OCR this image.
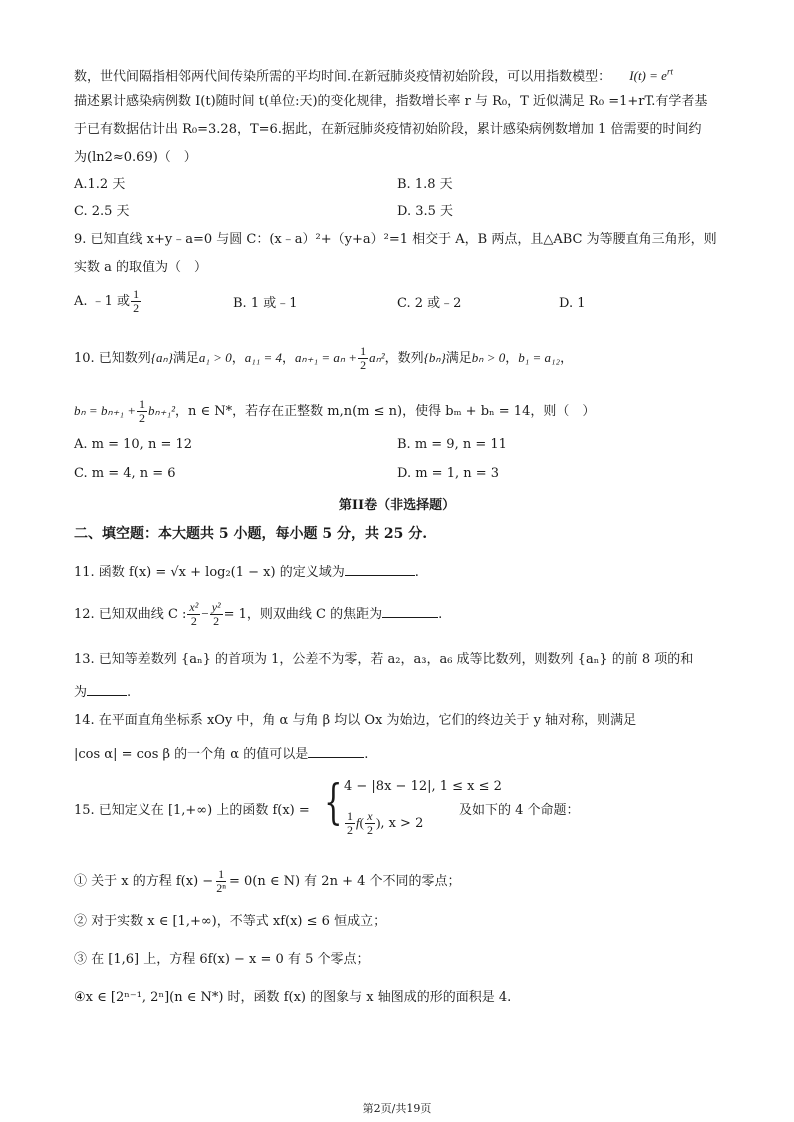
数，世代间隔指相邻两代间传染所需的平均时间.在新冠肺炎疫情初始阶段，可以用指数模型： $I(t) = e^{rt}$
描述累计感染病例数 I(t)随时间 t(单位:天)的变化规律，指数增长率 r 与 R₀，T 近似满足 R₀ =1+rT.有学者基
于已有数据估计出 R₀=3.28，T=6.据此，在新冠肺炎疫情初始阶段，累计感染病例数增加 1 倍需要的时间约
为(ln2≈0.69)（　）
A.1.2 天	B. 1.8 天
C. 2.5 天	D. 3.5 天
9. 已知直线 x+y﹣a=0 与圆 C：(x﹣a）²+（y+a）²=1 相交于 A，B 两点，且△ABC 为等腰直角三角形，则
实数 a 的取值为（　）
A. ﹣1 或 $\frac{1}{2}$	B. 1 或﹣1	C. 2 或﹣2	D. 1
10. 已知数列{aₙ}满足a₁ > 0，a₁₁ = 4，$a_{n+1} = a_n + \frac{1}{2} a_n^2$，数列{bₙ}满足bₙ > 0，b₁ = a₁₂，
$b_n = b_{n+1} + \frac{1}{2} b_{n+1}^2$，n ∈ N*，若存在正整数 m,n(m ≤ n)，使得 bₘ + bₙ = 14，则（　）
A. m = 10, n = 12	B. m = 9, n = 11
C. m = 4, n = 6	D. m = 1, n = 3
第II卷（非选择题）
二、填空题：本大题共 5 小题，每小题 5 分，共 25 分.
11. 函数 f(x) = √x + log₂(1 − x) 的定义域为	.
12. 已知双曲线 C : $\frac{\text{x²}}{2} - \frac{\text{y²}}{2} = 1$，则双曲线 C 的焦距为	.
13. 已知等差数列 {aₙ} 的首项为 1，公差不为零，若 a₂，a₃，a₆ 成等比数列，则数列 {aₙ} 的前 8 项的和
为	.
14. 在平面直角坐标系 xOy 中，角 α 与角 β 均以 Ox 为始边，它们的终边关于 y 轴对称，则满足
|cos α| = cos β 的一个角 α 的值可以是	.
15. 已知定义在 [1,+∞) 上的函数 f(x) = { 4 − |8x − 12|, 1 ≤ x ≤ 2
$\frac{1}{2} f( \frac{x}{2}$ ), x > 2
及如下的 4 个命题：
① 关于 x 的方程 $f(x) - \frac{1}{\text{2ⁿ}} = 0(n$ ∈ N) 有 2n + 4 个不同的零点；
② 对于实数 x ∈ [1,+∞)，不等式 xf(x) ≤ 6 恒成立；
③ 在 [1,6] 上，方程 6f(x) − x = 0 有 5 个零点；
④x ∈ [2ⁿ⁻¹, 2ⁿ](n ∈ N*) 时，函数 f(x) 的图象与 x 轴图成的形的面积是 4.
第2页/共19页
